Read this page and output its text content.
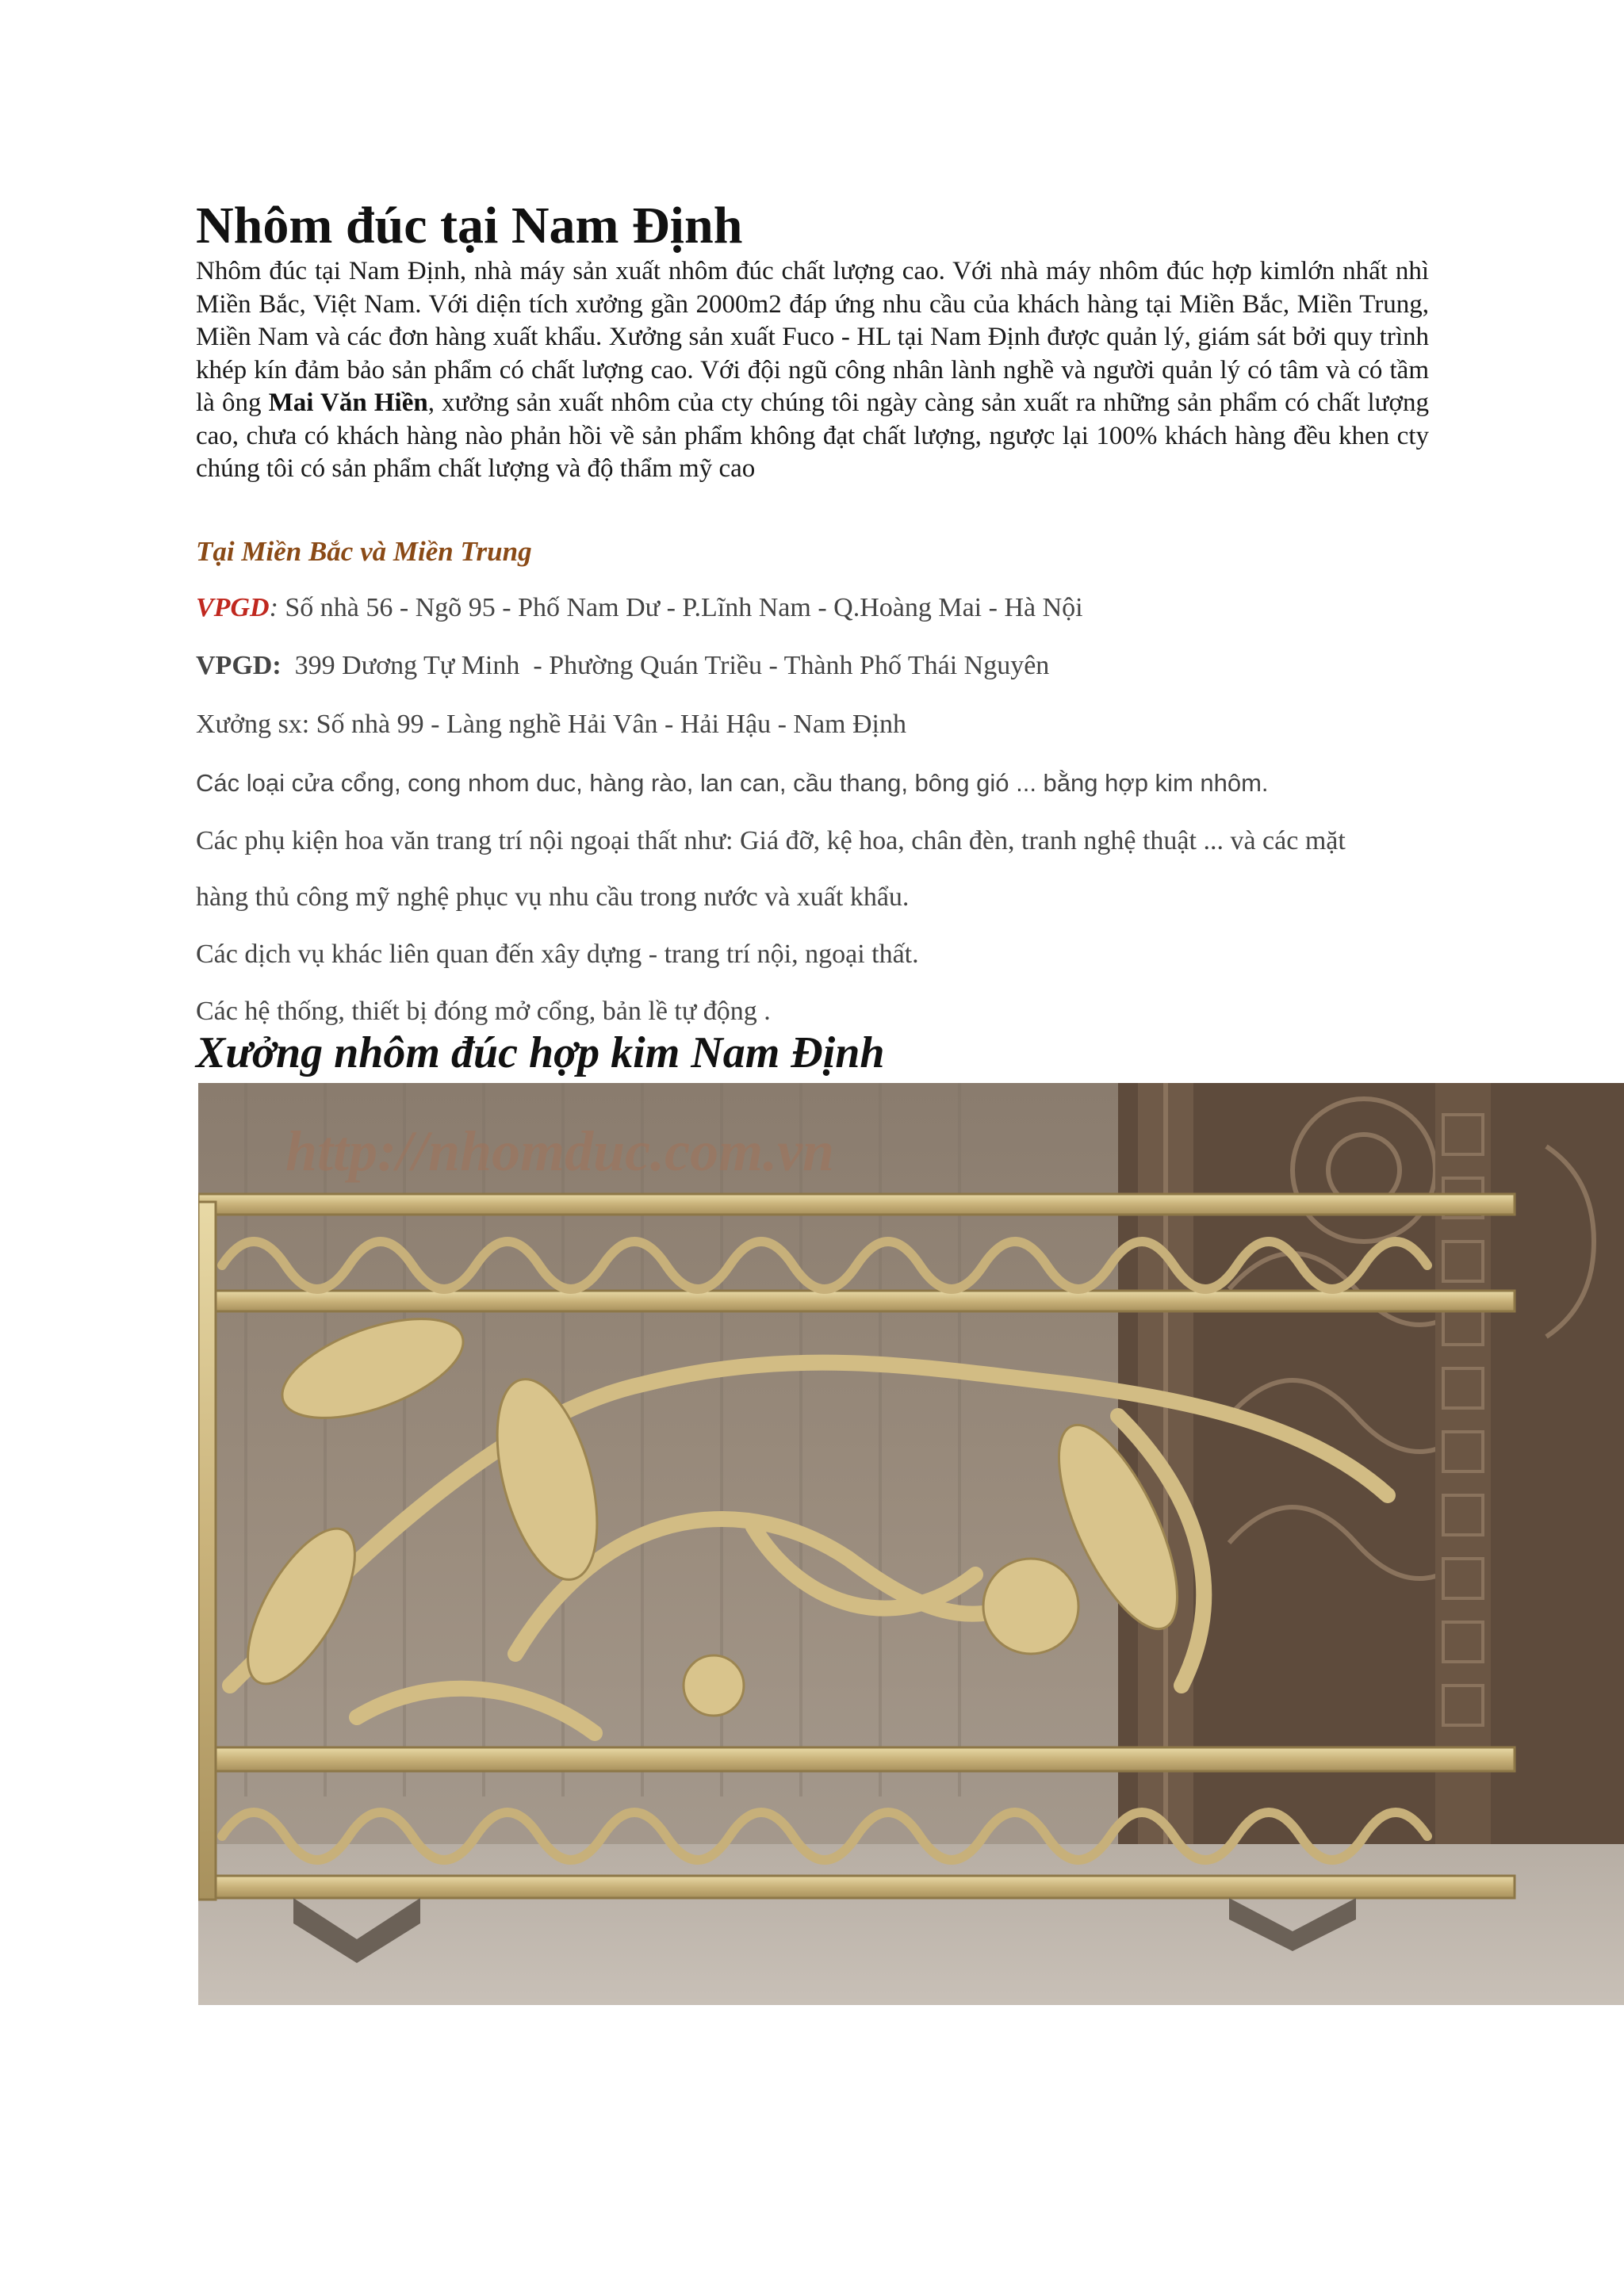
Nhôm đúc tại Nam Định
Nhôm đúc tại Nam Định, nhà máy sản xuất nhôm đúc chất lượng cao. Với nhà máy nhôm đúc hợp kimlớn nhất nhì Miền Bắc, Việt Nam. Với diện tích xưởng gần 2000m2 đáp ứng nhu cầu của khách hàng tại Miền Bắc, Miền Trung, Miền Nam và các đơn hàng xuất khẩu. Xưởng sản xuất Fuco - HL tại Nam Định được quản lý, giám sát bởi quy trình khép kín đảm bảo sản phẩm có chất lượng cao. Với đội ngũ công nhân lành nghề và người quản lý có tâm và có tầm là ông Mai Văn Hiền, xưởng sản xuất nhôm của cty chúng tôi ngày càng sản xuất ra những sản phẩm có chất lượng cao, chưa có khách hàng nào phản hồi về sản phẩm không đạt chất lượng, ngược lại 100% khách hàng đều khen cty chúng tôi có sản phẩm chất lượng và độ thẩm mỹ cao
Tại Miền Bắc và Miền Trung
VPGD: Số nhà 56 - Ngõ 95 - Phố Nam Dư - P.Lĩnh Nam - Q.Hoàng Mai - Hà Nội
VPGD:  399 Dương Tự Minh  - Phường Quán Triều - Thành Phố Thái Nguyên
Xưởng sx: Số nhà 99 - Làng nghề Hải Vân - Hải Hậu - Nam Định
Các loại cửa cổng, cong nhom duc, hàng rào, lan can, cầu thang, bông gió ... bằng hợp kim nhôm.
Các phụ kiện hoa văn trang trí nội ngoại thất như: Giá đỡ, kệ hoa, chân đèn, tranh nghệ thuật ... và các mặt
hàng thủ công mỹ nghệ phục vụ nhu cầu trong nước và xuất khẩu.
Các dịch vụ khác liên quan đến xây dựng - trang trí nội, ngoại thất.
Các hệ thống, thiết bị đóng mở cổng, bản lề tự động .
Xưởng nhôm đúc hợp kim Nam Định
http://nhomduc.com.vn
